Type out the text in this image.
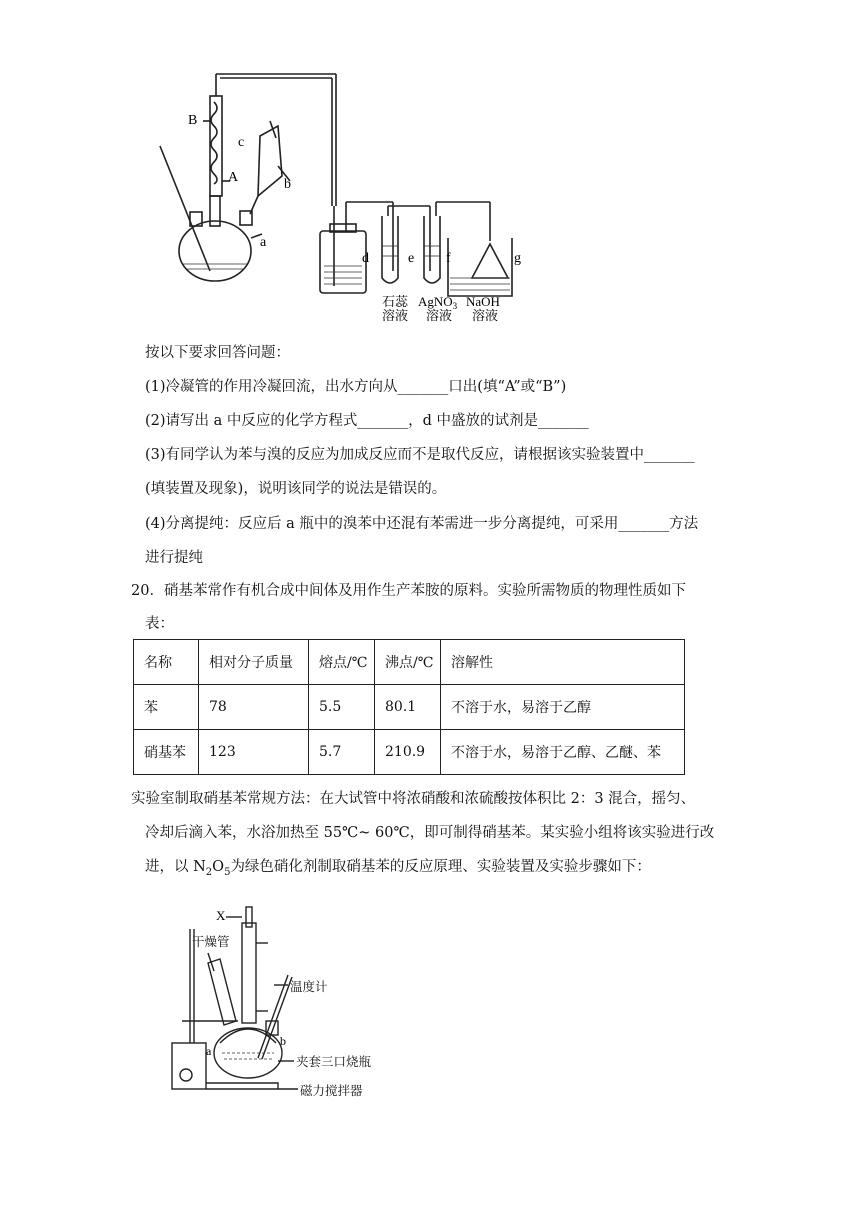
B
c
A	b
a
d	e f	g
石蕊
溶液
AgNO$_3$
溶液
NaOH
溶液
按以下要求回答问题：
(1)冷凝管的作用冷凝回流，出水方向从_______口出(填“A”或“B”)
(2)请写出 a 中反应的化学方程式_______，d 中盛放的试剂是_______
(3)有同学认为苯与溴的反应为加成反应而不是取代反应，请根据该实验装置中_______
(填装置及现象)，说明该同学的说法是错误的。
(4)分离提纯：反应后 a 瓶中的溴苯中还混有苯需进一步分离提纯，可采用_______方法
进行提纯
20．硝基苯常作有机合成中间体及用作生产苯胺的原料。实验所需物质的物理性质如下
表：
名称	相对分子质量	熔点/℃	沸点/℃	溶解性
苯	78	5.5	80.1	不溶于水，易溶于乙醇
硝基苯	123	5.7	210.9	不溶于水，易溶于乙醇、乙醚、苯
实验室制取硝基苯常规方法：在大试管中将浓硝酸和浓硫酸按体积比 2：3 混合，摇匀、
冷却后滴入苯，水浴加热至 55℃~ 60℃，即可制得硝基苯。某实验小组将该实验进行改
进，以 $N_2O_5$为绿色硝化剂制取硝基苯的反应原理、实验装置及实验步骤如下：
X
a
b
干燥管
温度计
夹套三口烧瓶
磁力搅拌器
